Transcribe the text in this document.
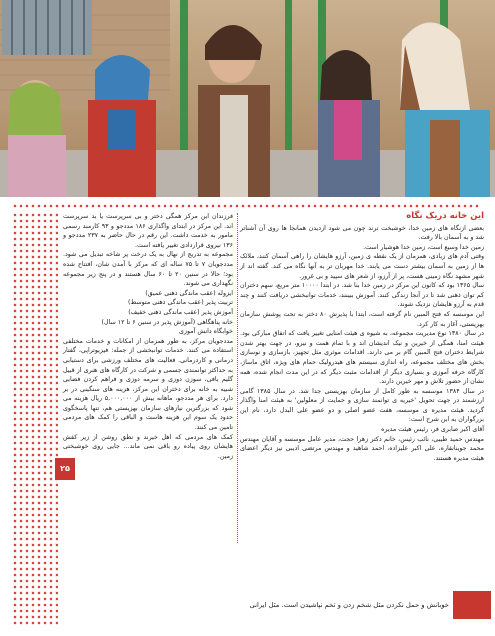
این خانه دریک نگاه

بعضی ازنگاه های زمین خدا، خوشبخت ترند چون می شود ازدیدن همانجا ها روی آن آشناتر شد و به آسمان بالا رفت.

زمین خدا وسیع است، زمین خدا هوشیار است.

وقتی آدم های زیادی، همزمان از یک نقطه ی زمین، آرزو هایشان را راهی آسمان کنند، ملائک ها از زمین به آسمان بیشتر دست می یابند. خدا مهربان تر به آنها نگاه می کند. گفته اند از شهر مشهد نگاه زمینی هست، پر از آرزو، از شعر های سپید و بی غرور.

سال ۱۳۶۵ بود که کانون این مرکز در زمین خدا بنا شد. در ابتدا ۱۰۰۰۰ متر مربع، سهم دختران کم توان ذهنی شد تا در آنجا زندگی کنند. آموزش ببینند، خدمات توانبخشی دریافت کنند و چند قدم به آرزو هایشان نزدیک شوند.

این موسسه که فتح المبین نام گرفته است، ابتدا با پذیرش ۸۰ دختر به تحت پوشش سازمان بهزیستی، آغاز به کار کرد.

در سال ۱۳۸۰ نوع مدیریت مجموعه، به شیوه ی هیئت امنایی تغییر یافت که اتفاق مبارکی بود. هیئت امنا، همگی از خیرین و نیک اندیشان اند و با تمام همت و نیرو، در جهت بهتر شدن شرایط دختران فتح المبین گام بر می دارند. اقدامات موثری مثل تجهیز، بازسازی و نوسازی بخش های مختلف مجموعه، راه اندازی سیستم های هیدرولیک حمام های ویژه، اتاق ماساژ، کارگاه حرفه آموزی و بسیاری دیگر از اقدامات مثبت دیگر که در این مدت انجام شده، همه نشان از حضور تلاش و مهر خیرین دارند.

در سال ۱۳۸۴ موسسه به طور کامل از سازمان بهزیستی جدا شد. در سال ۱۳۸۵ گامی ارزشمند در جهت تحویل 'خیریه ی توانمند سازی و حمایت از معلولین' به هیئت امنا واگذار گردید. هیئت مدیره ی موسسه، هفت عضو اصلی و دو عضو علی البدل دارد، نام این بزرگواران به این شرح است:

آقای اکبر صابری فر، رئیس هیئت مدیره

مهندس حمید طیبی، نائب رئیس، خانم دکتر زهرا حجت، مدیر عامل موسسه و آقایان مهندس محمد جوینانفاره، علی اکبر علیزاده، احمد شاهید و مهندس مرتضی ادیبی نیز دیگر اعضای هیئت مدیره هستند.

فرزندان این مرکز همگی دختر و بی سرپرست یا بد سرپرست اند. این مرکز در ابتدای واگذاری ۱۸۶ مددجو و ۹۳ کارمند رسمی مامور به خدمت داشت. این رقم در حال حاضر به ۲۳۷ مددجو و ۱۳۶ نیروی قراردادی تغییر یافته است.

مجموعه به تدریج از نهال به یک درخت پر شاخه تبدیل می شود. مددجویان ۷ تا ۷۵ ساله ای که مرکز با آمدن شان، افتتاح شده بود؛ حالا در سنین ۲۰ تا ۶۰ سال هستند و در پنج زیر مجموعه نگهداری می شوند.

ایزوله (عقب ماندگی ذهنی عمیق)

تربیت پذیر (عقب ماندگی ذهنی متوسط)

آموزش پذیر (عقب ماندگی ذهنی خفیف)

خانه پناهگاهی (آموزش پذیر در سنین ۶ تا ۱۲ سال)

خوابگاه دانش آموزی

مددجویان مرکز، به طور همزمان از امکانات و خدمات مختلفی استفاده می کنند. خدمات توانبخشی از جمله: فیزیوتراپی، گفتار درمانی و کاردرمانی. فعالیت های مختلف ورزشی برای دستیابی به حداکثر توانمندی جسمی و شرکت در کارگاه های هنری از قبیل گلیم بافی، سوزن دوزی و سرمه دوزی و فراهم کردن فضایی شبیه به خانه برای دختران این مرکز، هزینه های سنگینی در بر دارد. برای هر مددجو، ماهانه بیش از ۵,۰۰۰,۰۰۰ ریال هزینه می شود که بزرگترین نیازهای سازمان بهزیستی هم، تنها پاسخگوی حدود یک سوم این هزینه هاست و الباقی را کمک های مردمی تامین می کنند.

کمک های مردمی که اهل خیرند و نطق روشن از زیر کفش هایشان روی پیاده رو باقی نمی ماند... جایی روی خوشبختی زمین.

۲۵
خوبانش و حمل نکردن مثل شخم زدن و تخم نپاشیدن است. مثل ایرانی
